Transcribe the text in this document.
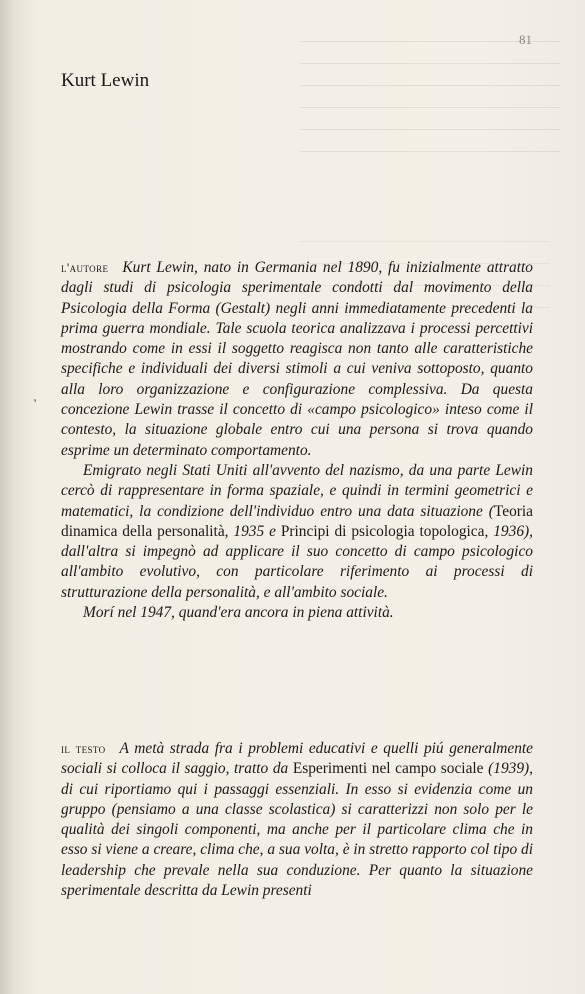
81
Kurt Lewin
ʼ

l'autore Kurt Lewin, nato in Germania nel 1890, fu inizialmente attratto dagli studi di psicologia sperimentale condotti dal movimento della Psicologia della Forma (Gestalt) negli anni immediatamente precedenti la prima guerra mondiale. Tale scuola teorica analizzava i processi percettivi mostrando come in essi il soggetto reagisca non tanto alle caratteristiche specifiche e individuali dei diversi stimoli a cui veniva sottoposto, quanto alla loro organizzazione e configurazione complessiva. Da questa concezione Lewin trasse il concetto di «campo psicologico» inteso come il contesto, la situazione globale entro cui una persona si trova quando esprime un determinato comportamento.

Emigrato negli Stati Uniti all'avvento del nazismo, da una parte Lewin cercò di rappresentare in forma spaziale, e quindi in termini geometrici e matematici, la condizione dell'individuo entro una data situazione (Teoria dinamica della personalità, 1935 e Principi di psicologia topologica, 1936), dall'altra si impegnò ad applicare il suo concetto di campo psicologico all'ambito evolutivo, con particolare riferimento ai processi di strutturazione della personalità, e all'ambito sociale.

Morí nel 1947, quand'era ancora in piena attività.

il testo A metà strada fra i problemi educativi e quelli piú generalmente sociali si colloca il saggio, tratto da Esperimenti nel campo sociale (1939), di cui riportiamo qui i passaggi essenziali. In esso si evidenzia come un gruppo (pensiamo a una classe scolastica) si caratterizzi non solo per le qualità dei singoli componenti, ma anche per il particolare clima che in esso si viene a creare, clima che, a sua volta, è in stretto rapporto col tipo di leadership che prevale nella sua conduzione. Per quanto la situazione sperimentale descritta da Lewin presenti
